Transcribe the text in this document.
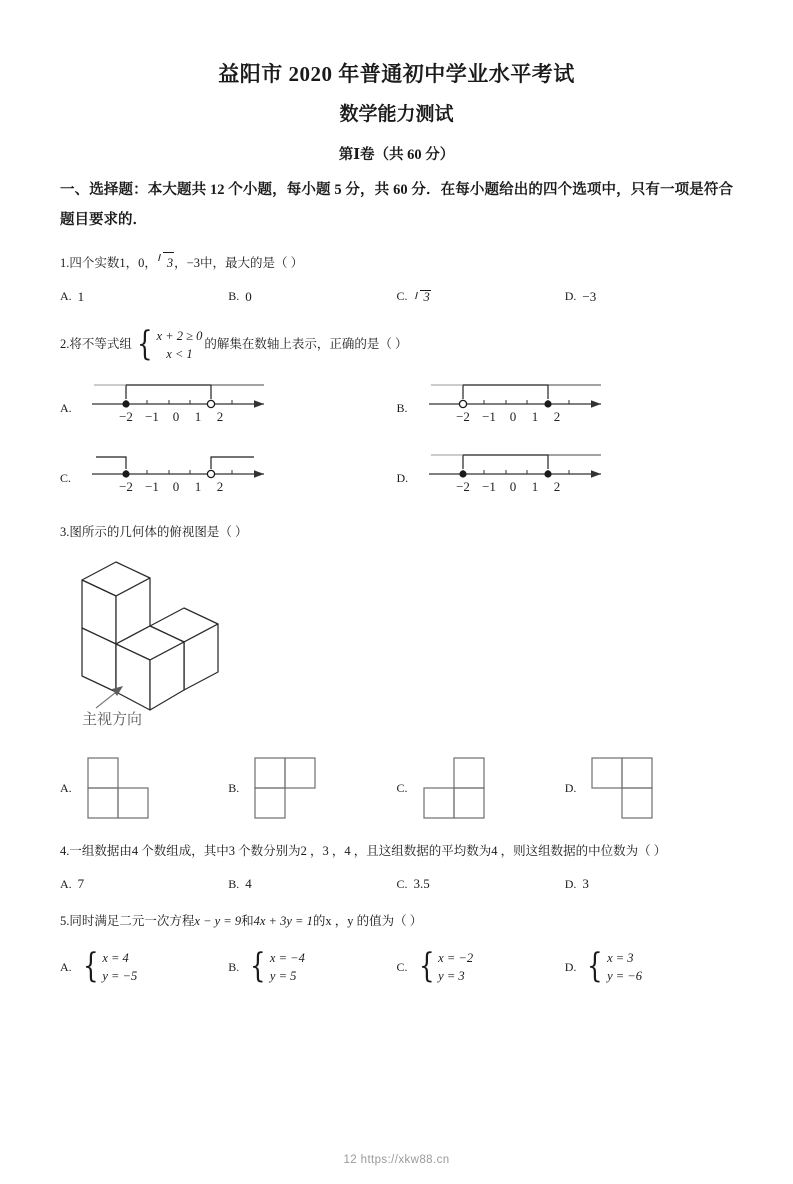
益阳市 2020 年普通初中学业水平考试
数学能力测试
第Ⅰ卷（共 60 分）
一、选择题：本大题共 12 个小题，每小题 5 分，共 60 分．在每小题给出的四个选项中，只有一项是符合题目要求的．
1.四个实数1，0， 3，−3中，最大的是（ ）
A. 1	B. 0	C.	3	D. −3
2.将不等式组 { x + 2 ≥ 0
x < 1
的解集在数轴上表示，正确的是（ ）
A.
−2 −1 0 1 2
B.
−2 −1 0 1 2
C.
−2 −1 0 1 2
D.
−2 −1 0 1 2
3.图所示的几何体的俯视图是（ ）
主视方向
A.	B.	C.	D.
4.一组数据由4 个数组成，其中3 个数分别为2 ，3 ，4 ，且这组数据的平均数为4 ，则这组数据的中位数为（ ）
A. 7	B. 4	C. 3.5	D. 3
5.同时满足二元一次方程x − y = 9和4x + 3y = 1的x ，y 的值为（ ）
A. { x = 4
y = −5
B. { x = −4
y = 5
C. { x = −2
y = 3
D. { x = 3
y = −6
12 https://xkw88.cn
